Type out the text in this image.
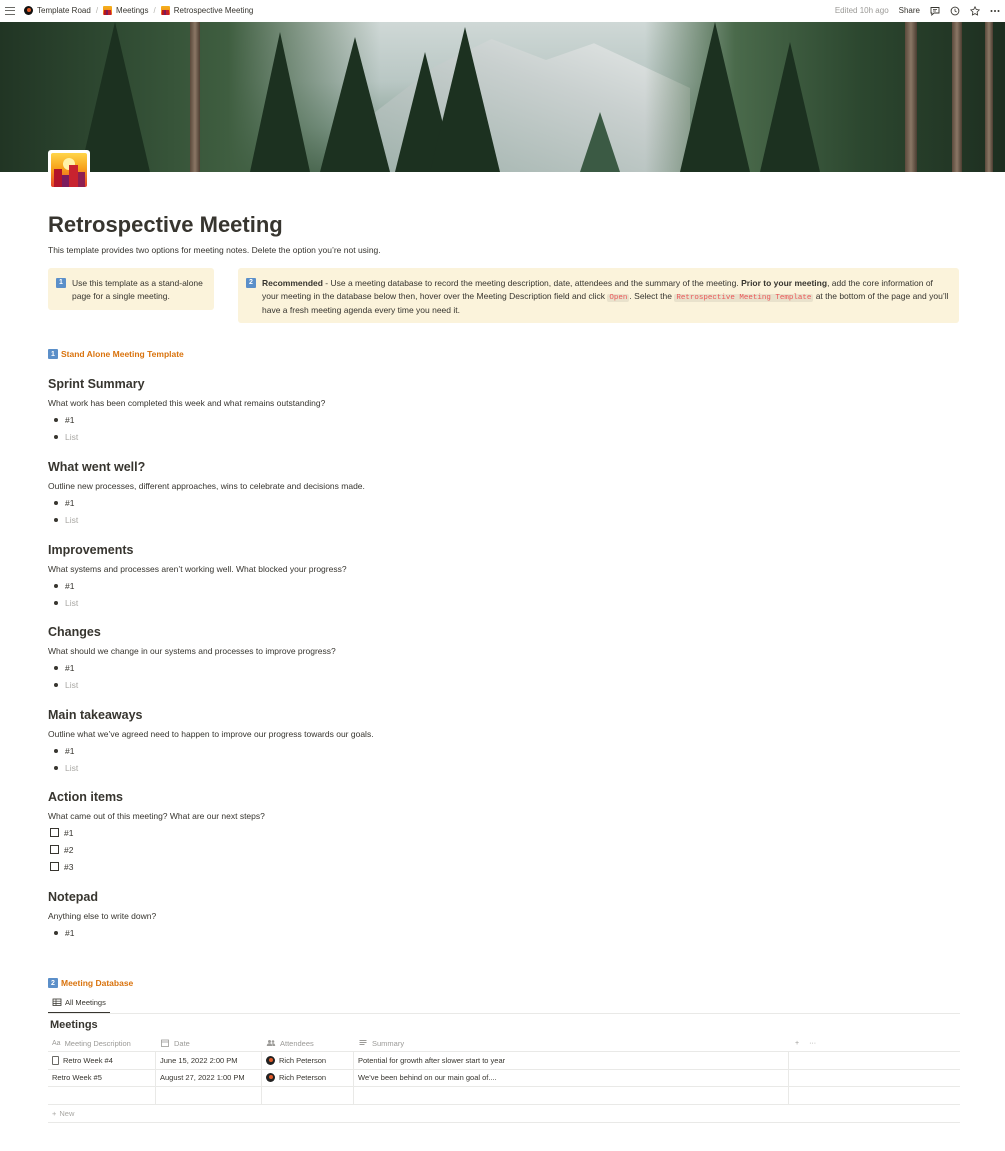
Template Road / Meetings / Retrospective Meeting	Edited 10h ago Share
Retrospective Meeting

This template provides two options for meeting notes. Delete the option you’re not using.

1	Use this template as a stand-alone page for a single meeting.
2	Recommended - Use a meeting database to record the meeting description, date, attendees and the summary of the meeting. Prior to your meeting, add the core information of your meeting in the database below then, hover over the Meeting Description field and click Open . Select the Retrospective Meeting Template at the bottom of the page and you’ll have a fresh meeting agenda every time you need it.
1 Stand Alone Meeting Template
Sprint Summary

What work has been completed this week and what remains outstanding?

#1
List
What went well?

Outline new processes, different approaches, wins to celebrate and decisions made.

#1
List
Improvements

What systems and processes aren’t working well. What blocked your progress?

#1
List
Changes

What should we change in our systems and processes to improve progress?

#1
List
Main takeaways

Outline what we’ve agreed need to happen to improve our progress towards our goals.

#1
List
Action items

What came out of this meeting? What are our next steps?

#1
#2
#3
Notepad

Anything else to write down?

#1
2 Meeting Database
All Meetings
Meetings
Aa Meeting Description	Date	Attendees	Summary	+ ···
Retro Week #4	June 15, 2022 2:00 PM	Rich Peterson	Potential for growth after slower start to year
Retro Week #5	August 27, 2022 1:00 PM	Rich Peterson	We’ve been behind on our main goal of....
+ New
